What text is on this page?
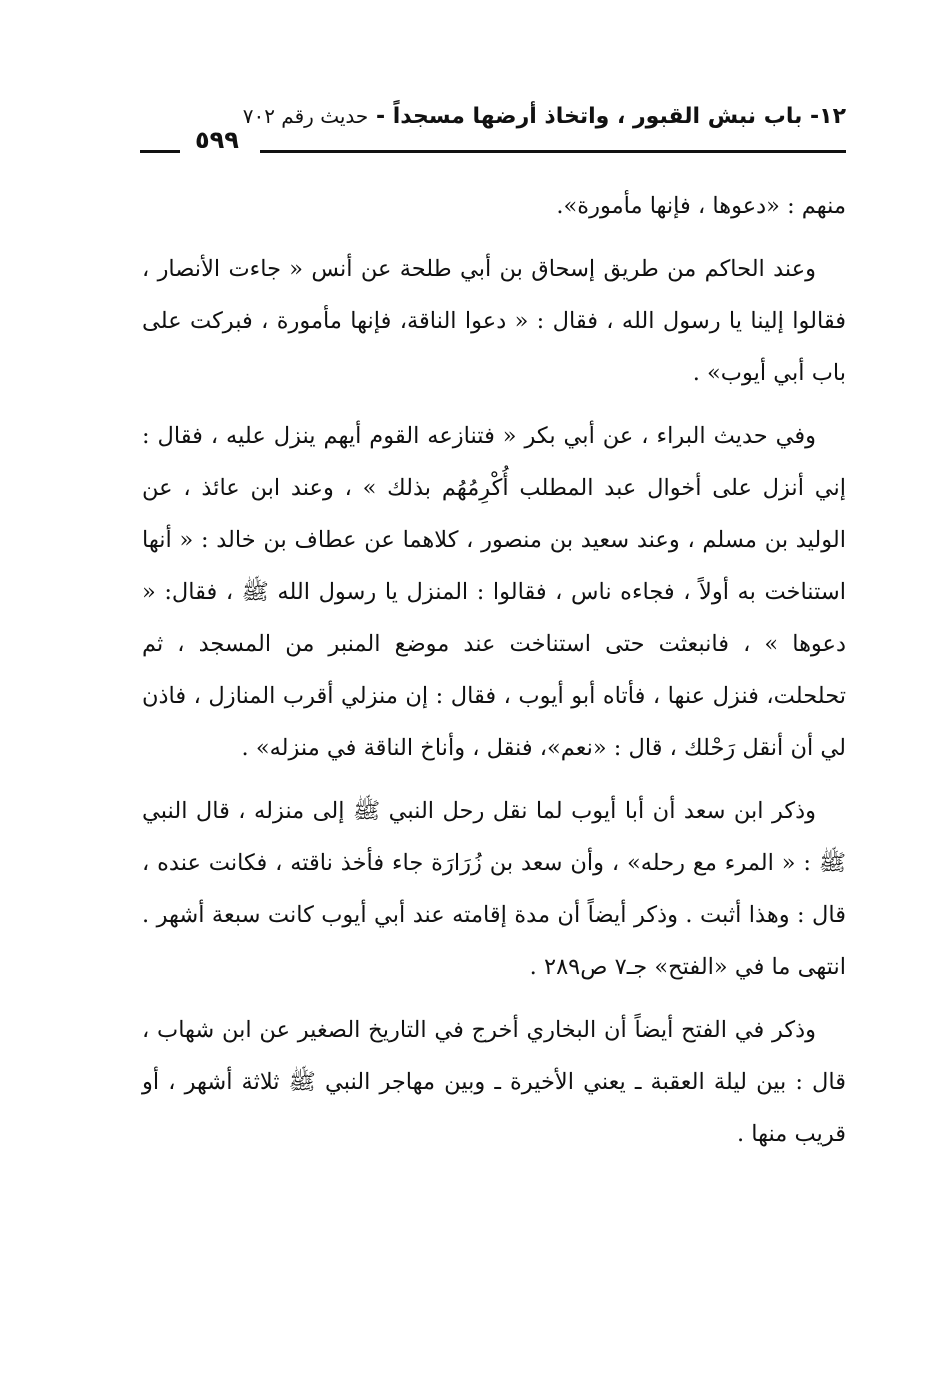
١٢- باب نبش القبور ، واتخاذ أرضها مسجداً - حديث رقم ٧٠٢
٥٩٩

منهم : «دعوها ، فإنها مأمورة».

وعند الحاكم من طريق إسحاق بن أبي طلحة عن أنس « جاءت الأنصار ، فقالوا إلينا يا رسول الله ، فقال : « دعوا الناقة، فإنها مأمورة ، فبركت على باب أبي أيوب» .

وفي حديث البراء ، عن أبي بكر « فتنازعه القوم أيهم ينزل عليه ، فقال : إني أنزل على أخوال عبد المطلب أُكْرِمُهُم بذلك » ، وعند ابن عائذ ، عن الوليد بن مسلم ، وعند سعيد بن منصور ، كلاهما عن عطاف بن خالد : « أنها استناخت به أولاً ، فجاءه ناس ، فقالوا : المنزل يا رسول الله ﷺ ، فقال: « دعوها » ، فانبعثت حتى استناخت عند موضع المنبر من المسجد ، ثم تحلحلت، فنزل عنها ، فأتاه أبو أيوب ، فقال : إن منزلي أقرب المنازل ، فاذن لي أن أنقل رَحْلك ، قال : «نعم»، فنقل ، وأناخ الناقة في منزله» .

وذكر ابن سعد أن أبا أيوب لما نقل رحل النبي ﷺ إلى منزله ، قال النبي ﷺ : « المرء مع رحله» ، وأن سعد بن زُرَارَة جاء فأخذ ناقته ، فكانت عنده ، قال : وهذا أثبت . وذكر أيضاً أن مدة إقامته عند أبي أيوب كانت سبعة أشهر . انتهى ما في «الفتح» جـ٧ ص٢٨٩ .

وذكر في الفتح أيضاً أن البخاري أخرج في التاريخ الصغير عن ابن شهاب ، قال : بين ليلة العقبة ـ يعني الأخيرة ـ وبين مهاجر النبي ﷺ ثلاثة أشهر ، أو قريب منها .
